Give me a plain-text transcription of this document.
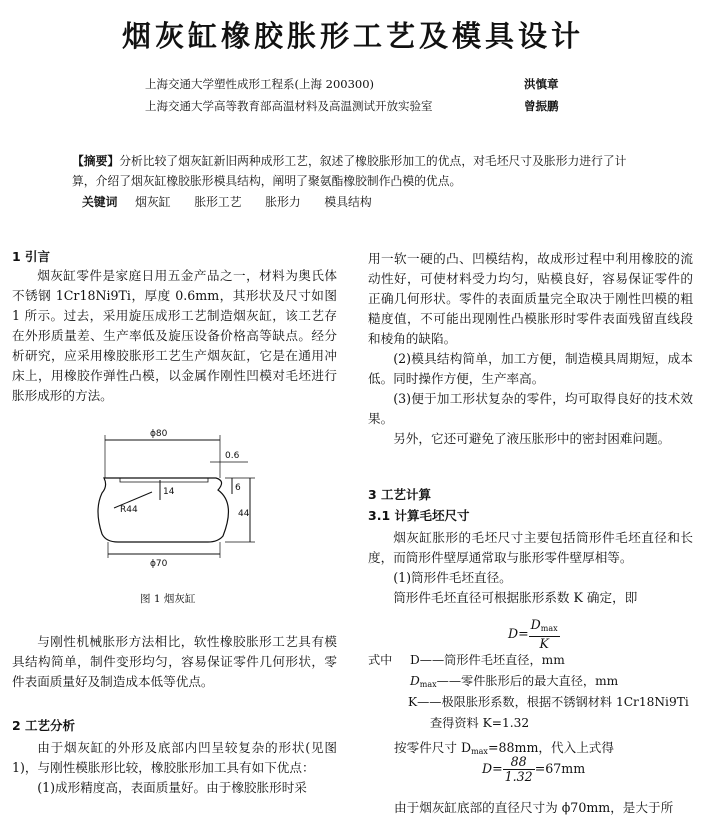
烟灰缸橡胶胀形工艺及模具设计
上海交通大学塑性成形工程系(上海 200300)	洪慎章
上海交通大学高等教育部高温材料及高温测试开放实验室	曾振鹏
【摘要】分析比较了烟灰缸新旧两种成形工艺，叙述了橡胶胀形加工的优点，对毛坯尺寸及胀形力进行了计算，介绍了烟灰缸橡胶胀形模具结构，阐明了聚氨酯橡胶制作凸模的优点。
关键词 烟灰缸 胀形工艺 胀形力 模具结构
1 引言

烟灰缸零件是家庭日用五金产品之一，材料为奥氏体不锈钢 1Cr18Ni9Ti，厚度 0.6mm，其形状及尺寸如图 1 所示。过去，采用旋压成形工艺制造烟灰缸，该工艺存在外形质量差、生产率低及旋压设备价格高等缺点。经分析研究，应采用橡胶胀形工艺生产烟灰缸，它是在通用冲床上，用橡胶作弹性凸模，以金属作刚性凹模对毛坯进行胀形成形的方法。

ϕ80
0.6
R44
14	6
44
ϕ70
图 1 烟灰缸

与刚性机械胀形方法相比，软性橡胶胀形工艺具有模具结构简单，制件变形均匀，容易保证零件几何形状，零件表面质量好及制造成本低等优点。

2 工艺分析

由于烟灰缸的外形及底部内凹呈较复杂的形状(见图 1)，与刚性模胀形比较，橡胶胀形加工具有如下优点：

(1)成形精度高，表面质量好。由于橡胶胀形时采

用一软一硬的凸、凹模结构，故成形过程中利用橡胶的流动性好，可使材料受力均匀，贴模良好，容易保证零件的正确几何形状。零件的表面质量完全取决于刚性凹模的粗糙度值，不可能出现刚性凸模胀形时零件表面残留直线段和棱角的缺陷。

(2)模具结构简单，加工方便，制造模具周期短，成本低。同时操作方便，生产率高。

(3)便于加工形状复杂的零件，均可取得良好的技术效果。

另外，它还可避免了液压胀形中的密封困难问题。

3 工艺计算
3.1 计算毛坯尺寸

烟灰缸胀形的毛坯尺寸主要包括筒形件毛坯直径和长度，而筒形件壁厚通常取与胀形零件壁厚相等。

(1)筒形件毛坯直径。

筒形件毛坯直径可根据胀形系数 K 确定，即

$D= \frac{D_{max}}{K}$
式中 D——筒形件毛坯直径，mm
$D_{max}——$零件胀形后的最大直径，mm
K——极限胀形系数，根据不锈钢材料 1Cr18Ni9Ti
查得资料 K=1.32
按零件尺寸 $D_{max}=88mm$，代入上式得
$D= \frac{88}{1.32} =67mm$
由于烟灰缸底部的直径尺寸为 ϕ70mm，是大于所
